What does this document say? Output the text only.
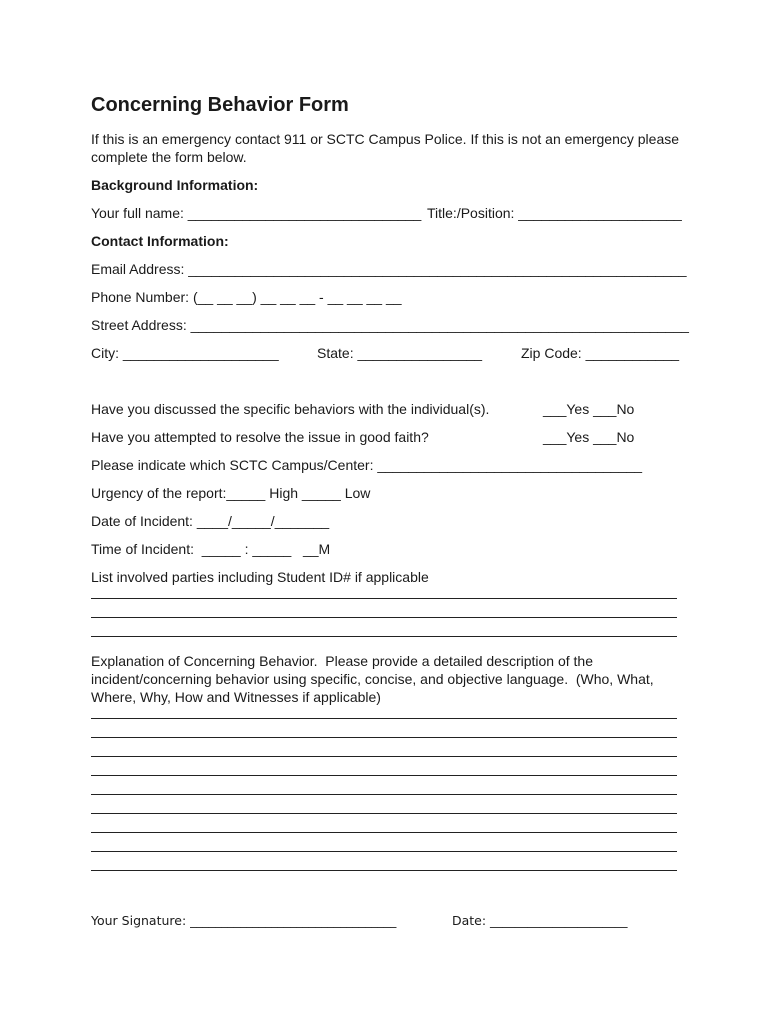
Concerning Behavior Form
If this is an emergency contact 911 or SCTC Campus Police. If this is not an emergency please
complete the form below.
Background Information:
Your full name: ______________________________ Title:/Position: _____________________
Contact Information:
Email Address: ________________________________________________________________
Phone Number: (__ __ __) __ __ __ - __ __ __ __
Street Address: ________________________________________________________________
City: ____________________	State: ________________	Zip Code: ____________
Have you discussed the specific behaviors with the individual(s).	___Yes ___No
Have you attempted to resolve the issue in good faith?	___Yes ___No
Please indicate which SCTC Campus/Center: __________________________________
Urgency of the report:_____ High _____ Low
Date of Incident: ____/_____/_______
Time of Incident:  _____ : _____   __M
List involved parties including Student ID# if applicable
Explanation of Concerning Behavior.  Please provide a detailed description of the
incident/concerning behavior using specific, concise, and objective language.  (Who, What,
Where, Why, How and Witnesses if applicable)
Your Signature: _________________________________	Date: ______________________
